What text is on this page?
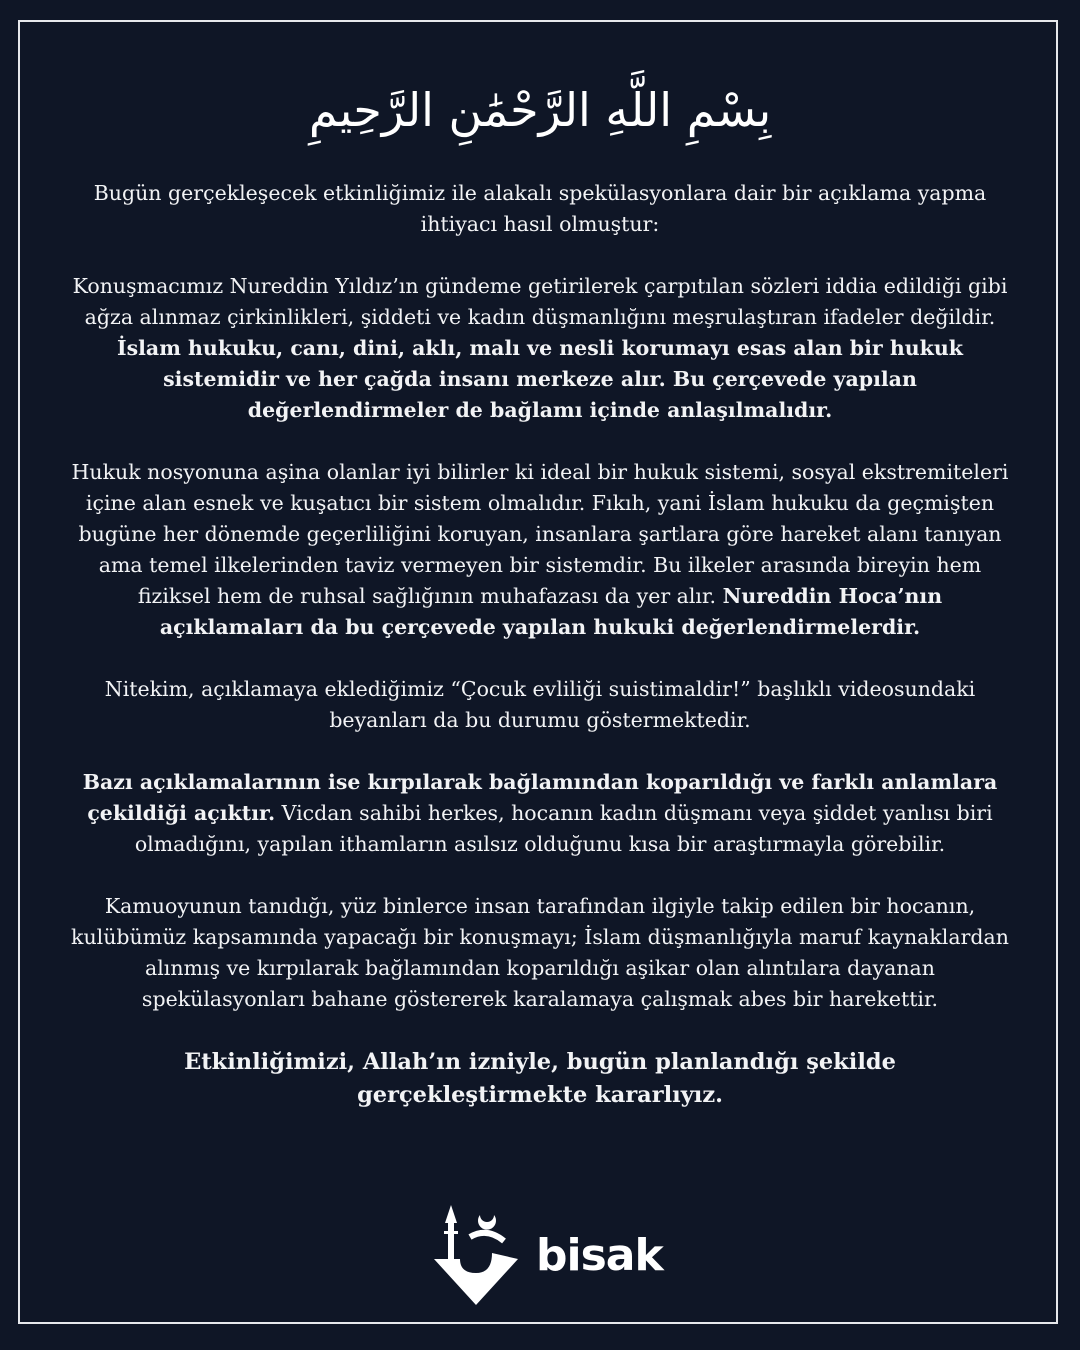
بِسْمِ اللَّهِ الرَّحْمَٰنِ الرَّحِيمِ

Bugün gerçekleşecek etkinliğimiz ile alakalı spekülasyonlara dair bir açıklama yapma ihtiyacı hasıl olmuştur:

Konuşmacımız Nureddin Yıldız’ın gündeme getirilerek çarpıtılan sözleri iddia edildiği gibi ağza alınmaz çirkinlikleri, şiddeti ve kadın düşmanlığını meşrulaştıran ifadeler değildir. İslam hukuku, canı, dini, aklı, malı ve nesli korumayı esas alan bir hukuk sistemidir ve her çağda insanı merkeze alır. Bu çerçevede yapılan değerlendirmeler de bağlamı içinde anlaşılmalıdır.

Hukuk nosyonuna aşina olanlar iyi bilirler ki ideal bir hukuk sistemi, sosyal ekstremiteleri içine alan esnek ve kuşatıcı bir sistem olmalıdır. Fıkıh, yani İslam hukuku da geçmişten bugüne her dönemde geçerliliğini koruyan, insanlara şartlara göre hareket alanı tanıyan ama temel ilkelerinden taviz vermeyen bir sistemdir. Bu ilkeler arasında bireyin hem fiziksel hem de ruhsal sağlığının muhafazası da yer alır. Nureddin Hoca’nın açıklamaları da bu çerçevede yapılan hukuki değerlendirmelerdir.

Nitekim, açıklamaya eklediğimiz “Çocuk evliliği suistimaldir!” başlıklı videosundaki beyanları da bu durumu göstermektedir.

Bazı açıklamalarının ise kırpılarak bağlamından koparıldığı ve farklı anlamlara çekildiği açıktır. Vicdan sahibi herkes, hocanın kadın düşmanı veya şiddet yanlısı biri olmadığını, yapılan ithamların asılsız olduğunu kısa bir araştırmayla görebilir.

Kamuoyunun tanıdığı, yüz binlerce insan tarafından ilgiyle takip edilen bir hocanın, kulübümüz kapsamında yapacağı bir konuşmayı; İslam düşmanlığıyla maruf kaynaklardan alınmış ve kırpılarak bağlamından koparıldığı aşikar olan alıntılara dayanan spekülasyonları bahane göstererek karalamaya çalışmak abes bir harekettir.

Etkinliğimizi, Allah’ın izniyle, bugün planlandığı şekilde gerçekleştirmekte kararlıyız.

bisak
